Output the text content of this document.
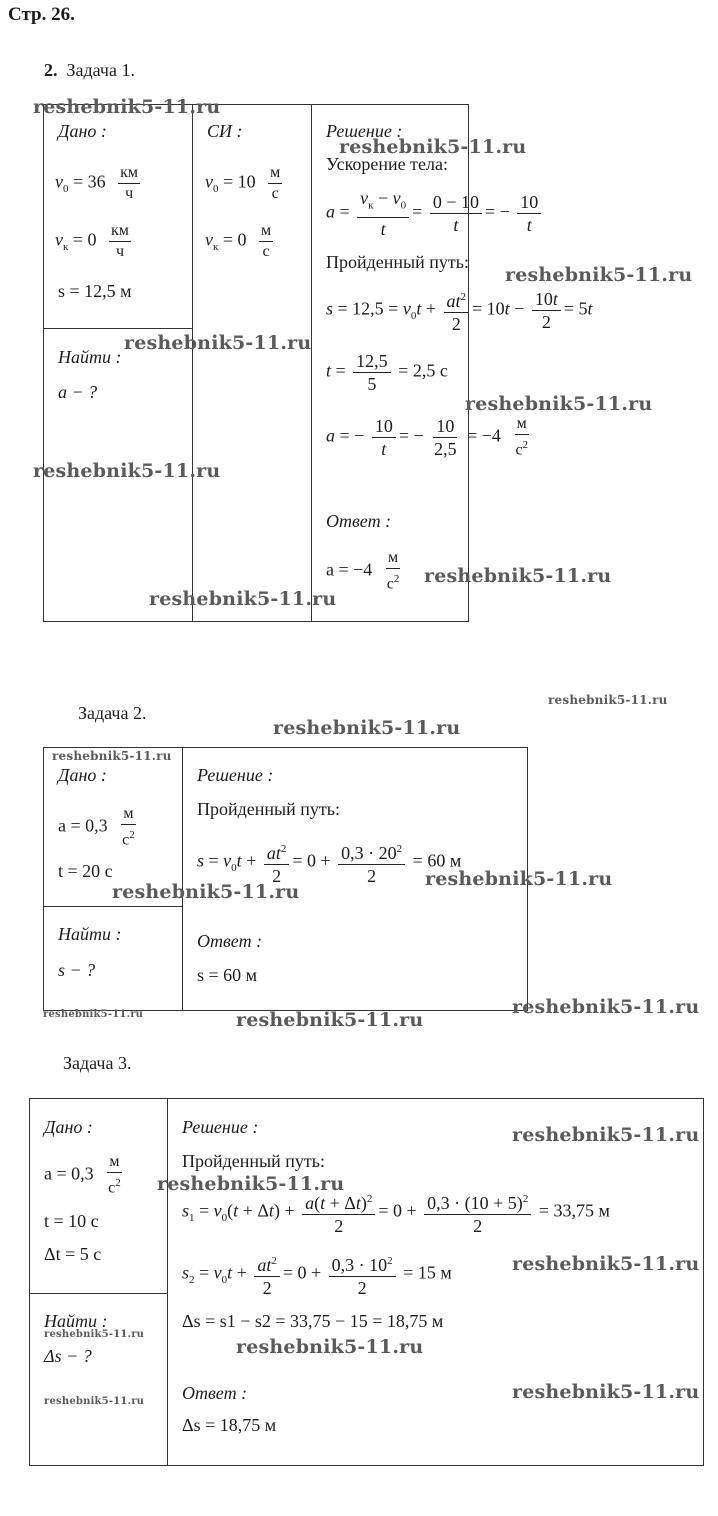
Стр. 26.
2. Задача 1.
Дано :
$v_0 = 36 \frac{км}{ч}$
$v_к = 0 \frac{км}{ч}$
s = 12,5 м
Найти :
a − ?
СИ :
$v_0 = 10 \frac{м}{с}$
$v_к = 0 \frac{м}{с}$
Решение :
Ускорение тела:
$a = \frac{v_к - v_0}{t} = \frac{0 - 10}{t}$ = − $\frac{10}{t}$
Пройденный путь:
$s = 12,5 = v_0t + \frac{at^2}{2} = 10t - \frac{10t}{2} = 5t$
$t = \frac{12,5}{5} = 2,5$ с
a = − $\frac{10}{t}$ = − $\frac{10}{2,5} = -4 \frac{м}{с^2}$
Ответ :
$a = -4 \frac{м}{с^2}$
Задача 2.
Дано :
$a = 0,3 \frac{м}{с^2}$
t = 20 с
Найти :
s − ?
Решение :
Пройденный путь:
$s = v_0t + \frac{at^2}{2} = 0 + \frac{0,3 \cdot 20^2}{2} = 60$ м
Ответ :
s = 60 м
Задача 3.
Дано :
$a = 0,3 \frac{м}{с^2}$
t = 10 с
Δt = 5 с
Найти :
Δs − ?
Решение :
Пройденный путь:
$s_1 = v_0(t + \Delta t) + \frac{a(t + \Delta t)^2}{2} = 0 + \frac{0,3 \cdot (10 + 5)^2}{2} = 33,75$ м
$s_2 = v_0t + \frac{at^2}{2} = 0 + \frac{0,3 \cdot 10^2}{2} = 15$ м
Δs = s1 − s2 = 33,75 − 15 = 18,75 м
Ответ :
Δs = 18,75 м
reshebnik5-11.ru
reshebnik5-11.ru
reshebnik5-11.ru
reshebnik5-11.ru
reshebnik5-11.ru
reshebnik5-11.ru
reshebnik5-11.ru
reshebnik5-11.ru
reshebnik5-11.ru
reshebnik5-11.ru
reshebnik5-11.ru
reshebnik5-11.ru
reshebnik5-11.ru
reshebnik5-11.ru
reshebnik5-11.ru	reshebnik5-11.ru
reshebnik5-11.ru
reshebnik5-11.ru
reshebnik5-11.ru
reshebnik5-11.ru
reshebnik5-11.ru
reshebnik5-11.ru
reshebnik5-11.ru
